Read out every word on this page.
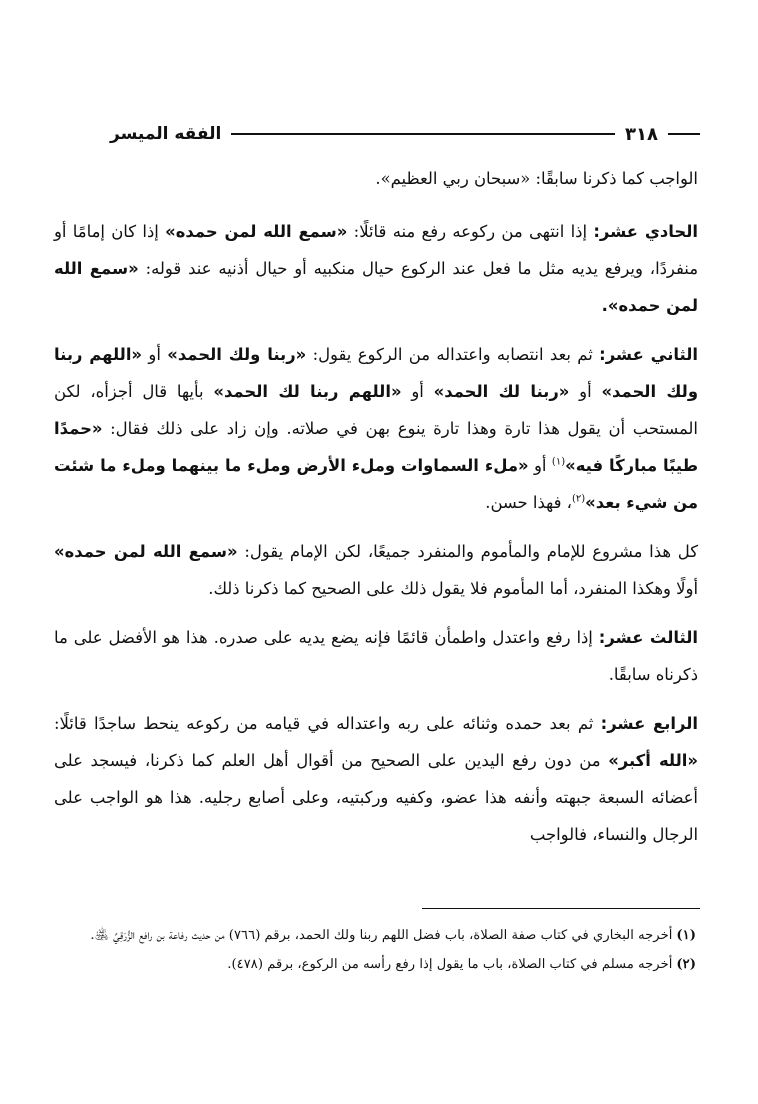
٣١٨
الفقه الميسر

الواجب كما ذكرنا سابقًا: «سبحان ربي العظيم».

الحادي عشر: إذا انتهى من ركوعه رفع منه قائلًا: «سمع الله لمن حمده» إذا كان إمامًا أو منفردًا، ويرفع يديه مثل ما فعل عند الركوع حيال منكبيه أو حيال أذنيه عند قوله: «سمع الله لمن حمده».

الثاني عشر: ثم بعد انتصابه واعتداله من الركوع يقول: «ربنا ولك الحمد» أو «اللهم ربنا ولك الحمد» أو «ربنا لك الحمد» أو «اللهم ربنا لك الحمد» بأيها قال أجزأه، لكن المستحب أن يقول هذا تارة وهذا تارة ينوع بهن في صلاته. وإن زاد على ذلك فقال: «حمدًا طيبًا مباركًا فيه»$^{(١)}$ أو «ملء السماوات وملء الأرض وملء ما بينهما وملء ما شئت من شيء بعد»$^{(٢)}$، فهذا حسن.

كل هذا مشروع للإمام والمأموم والمنفرد جميعًا، لكن الإمام يقول: «سمع الله لمن حمده» أولًا وهكذا المنفرد، أما المأموم فلا يقول ذلك على الصحيح كما ذكرنا ذلك.

الثالث عشر: إذا رفع واعتدل واطمأن قائمًا فإنه يضع يديه على صدره. هذا هو الأفضل على ما ذكرناه سابقًا.

الرابع عشر: ثم بعد حمده وثنائه على ربه واعتداله في قيامه من ركوعه ينحط ساجدًا قائلًا: «الله أكبر» من دون رفع اليدين على الصحيح من أقوال أهل العلم كما ذكرنا، فيسجد على أعضائه السبعة جبهته وأنفه هذا عضو، وكفيه وركبتيه، وعلى أصابع رجليه. هذا هو الواجب على الرجال والنساء، فالواجب

(١)أخرجه البخاري في كتاب صفة الصلاة، باب فضل اللهم ربنا ولك الحمد، برقم (٧٦٦) من حديث رفاعة بن رافع الزُّرَقِيِّ ﵁.

(٢)أخرجه مسلم في كتاب الصلاة، باب ما يقول إذا رفع رأسه من الركوع، برقم (٤٧٨).
